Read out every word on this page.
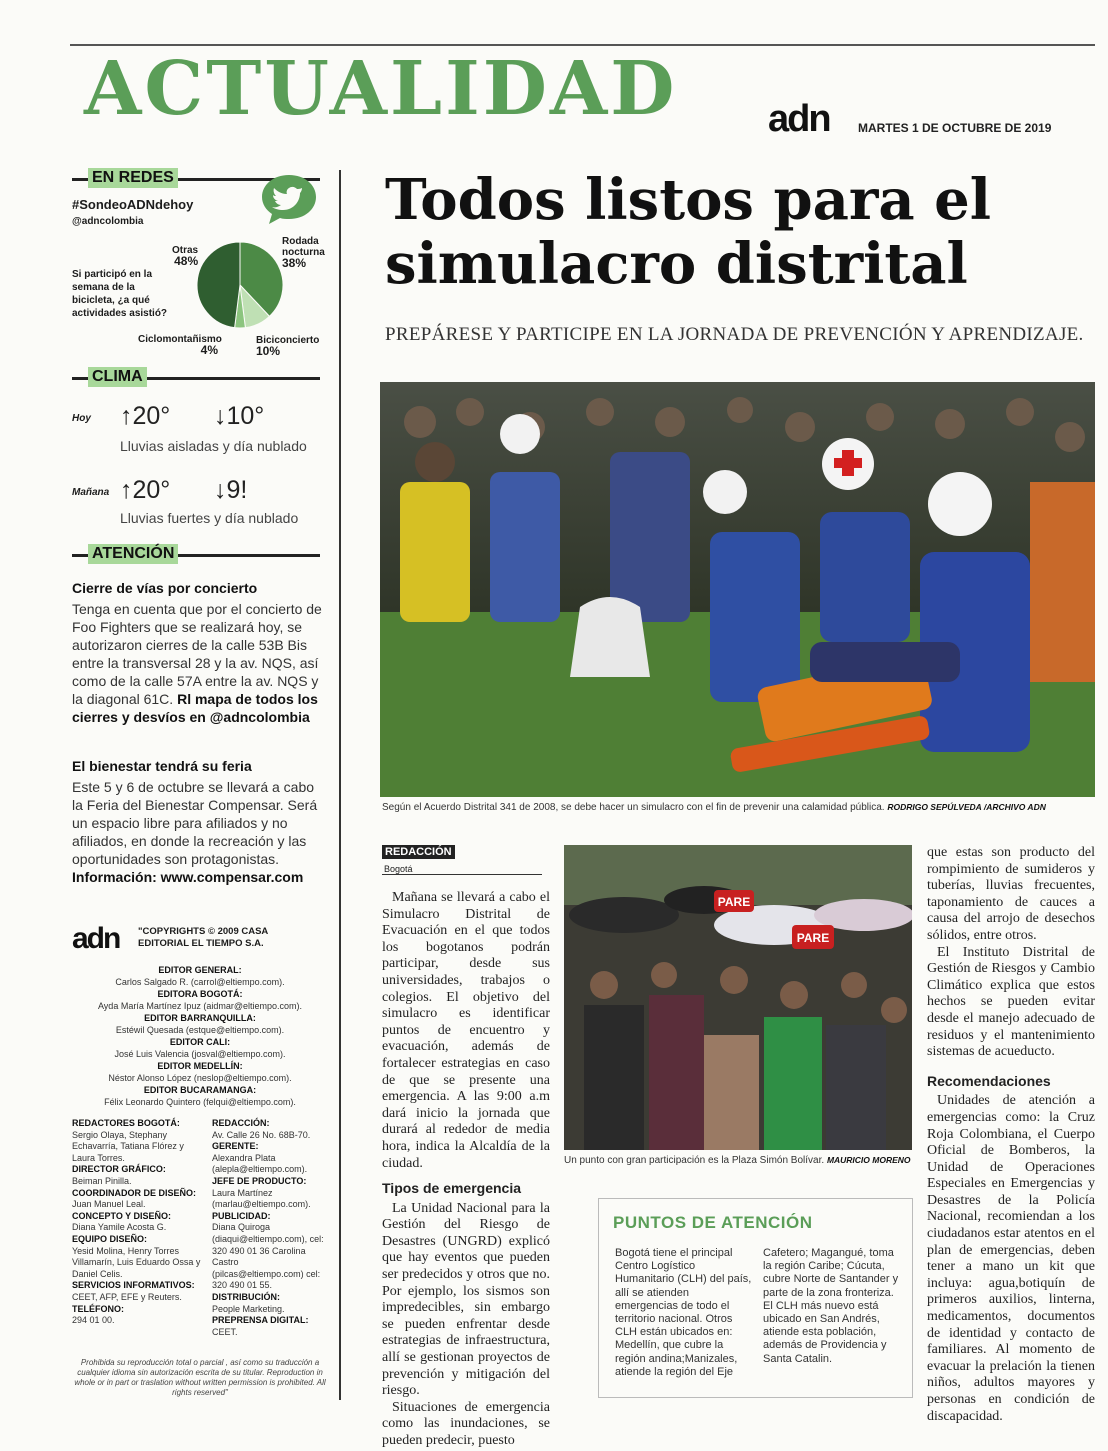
ACTUALIDAD adn MARTES 1 DE OCTUBRE DE 2019
EN REDES
#SondeoADNdehoy
@adncolombia
Si participó en la semana de la bicicleta, ¿a qué actividades asistió?
Otras
48%
Rodada nocturna
38%
Ciclomontañismo
4%
Biciconcierto
10%
CLIMA
Hoy ↑20° ↓10°
Lluvias aisladas y día nublado
Mañana ↑20° ↓9!
Lluvias fuertes y día nublado
ATENCIÓN
Cierre de vías por concierto
Tenga en cuenta que por el concierto de Foo Fighters que se realizará hoy, se autorizaron cierres de la calle 53B Bis entre la transversal 28 y la av. NQS, así como de la calle 57A entre la av. NQS y la diagonal 61C. Rl mapa de todos los cierres y desvíos en @adncolombia
El bienestar tendrá su feria
Este 5 y 6 de octubre se llevará a cabo la Feria del Bienestar Compensar. Será un espacio libre para afiliados y no afiliados, en donde la recreación y las oportunidades son protagonistas.
Información: www.compensar.com
adn "COPYRIGHTS © 2009 CASA EDITORIAL EL TIEMPO S.A.
EDITOR GENERAL:
Carlos Salgado R. (carrol@eltiempo.com).
EDITORA BOGOTÁ:
Ayda María Martínez Ipuz (aidmar@eltiempo.com).
EDITOR BARRANQUILLA:
Estéwil Quesada (estque@eltiempo.com).
EDITOR CALI:
José Luis Valencia (josval@eltiempo.com).
EDITOR MEDELLÍN:
Néstor Alonso López (neslop@eltiempo.com).
EDITOR BUCARAMANGA:
Félix Leonardo Quintero (felqui@eltiempo.com).
REDACTORES BOGOTÁ:
Sergio Olaya, Stephany Echavarría, Tatiana Flórez y Laura Torres.
DIRECTOR GRÁFICO:
Beiman Pinilla.
COORDINADOR DE DISEÑO:
Juan Manuel Leal.
CONCEPTO Y DISEÑO:
Diana Yamile Acosta G.
EQUIPO DISEÑO:
Yesid Molina, Henry Torres Villamarín, Luis Eduardo Ossa y Daniel Celis.
SERVICIOS INFORMATIVOS:
CEET, AFP, EFE y Reuters.
TELÉFONO:
294 01 00.
REDACCIÓN:
Av. Calle 26 No. 68B-70.
GERENTE:
Alexandra Plata (alepla@eltiempo.com).
JEFE DE PRODUCTO:
Laura Martínez (marlau@eltiempo.com).
PUBLICIDAD:
Diana Quiroga (diaqui@eltiempo.com), cel: 320 490 01 36 Carolina Castro (pilcas@eltiempo.com) cel: 320 490 01 55.
DISTRIBUCIÓN:
People Marketing.
PREPRENSA DIGITAL:
CEET.
Prohibida su reproducción total o parcial , así como su traducción a cualquier idioma sin autorización escrita de su titular. Reproduction in whole or in part or traslation without written permission is prohibited. All rights reserved"
Todos listos para el simulacro distrital
PREPÁRESE Y PARTICIPE EN LA JORNADA DE PREVENCIÓN Y APRENDIZAJE.
Según el Acuerdo Distrital 341 de 2008, se debe hacer un simulacro con el fin de prevenir una calamidad pública. RODRIGO SEPÚLVEDA /ARCHIVO ADN
REDACCIÓN
Bogotá

Mañana se llevará a cabo el Simulacro Distrital de Evacuación en el que todos los bogotanos podrán participar, desde sus universidades, trabajos o colegios. El objetivo del simulacro es identificar puntos de encuentro y evacuación, además de fortalecer estrategias en caso de que se presente una emergencia. A las 9:00 a.m dará inicio la jornada que durará al rededor de media hora, indica la Alcaldía de la ciudad.

Tipos de emergencia

La Unidad Nacional para la Gestión del Riesgo de Desastres (UNGRD) explicó que hay eventos que pueden ser predecidos y otros que no. Por ejemplo, los sismos son impredecibles, sin embargo se pueden enfrentar desde estrategias de infraestructura, allí se gestionan proyectos de prevención y mitigación del riesgo.

Situaciones de emergencia como las inundaciones, se pueden predecir, puesto

PARE
PARE
Un punto con gran participación es la Plaza Simón Bolívar. MAURICIO MORENO
PUNTOS DE ATENCIÓN
Bogotá tiene el principal Centro Logístico Humanitario (CLH) del país, allí se atienden emergencias de todo el territorio nacional. Otros CLH están ubicados en: Medellín, que cubre la región andina;Manizales, atiende la región del Eje
Cafetero; Magangué, toma la región Caribe; Cúcuta, cubre Norte de Santander y parte de la zona fronteriza. El CLH más nuevo está ubicado en San Andrés, atiende esta población, además de Providencia y Santa Catalin.

que estas son producto del rompimiento de sumideros y tuberías, lluvias frecuentes, taponamiento de cauces a causa del arrojo de desechos sólidos, entre otros.

El Instituto Distrital de Gestión de Riesgos y Cambio Climático explica que estos hechos se pueden evitar desde el manejo adecuado de residuos y el mantenimiento sistemas de acueducto.

Recomendaciones

Unidades de atención a emergencias como: la Cruz Roja Colombiana, el Cuerpo Oficial de Bomberos, la Unidad de Operaciones Especiales en Emergencias y Desastres de la Policía Nacional, recomiendan a los ciudadanos estar atentos en el plan de emergencias, deben tener a mano un kit que incluya: agua,botiquín de primeros auxilios, linterna, medicamentos, documentos de identidad y contacto de familiares. Al momento de evacuar la prelación la tienen niños, adultos mayores y personas en condición de discapacidad.
